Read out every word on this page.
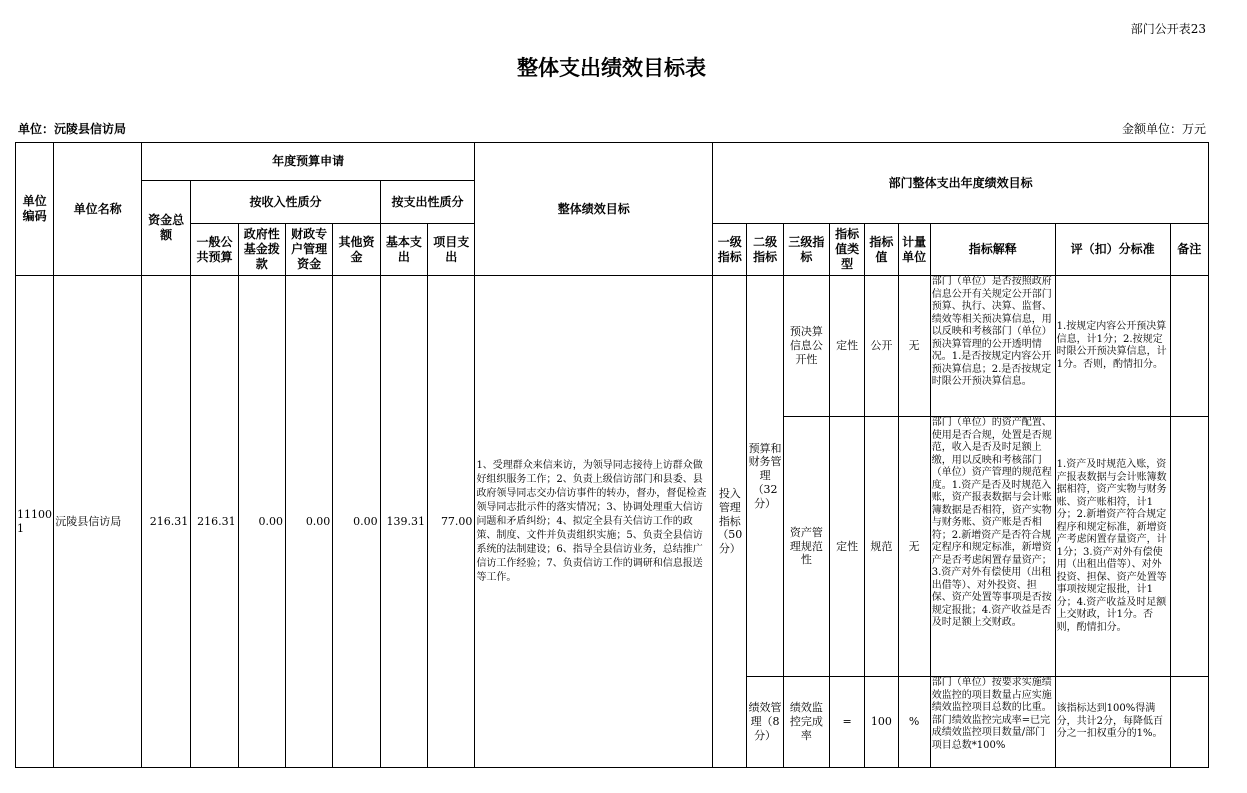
部门公开表23
整体支出绩效目标表
单位：沅陵县信访局	金额单位：万元
单位编码	单位名称	年度预算申请							整体绩效目标	部门整体支出年度绩效目标								
		资金总额	按收入性质分				按支出性质分											
			一般公共预算	政府性基金拨款	财政专户管理资金	其他资金	基本支出	项目支出		一级指标	二级指标	三级指标	指标值类型	指标值	计量单位	指标解释	评（扣）分标准	备注
111001	沅陵县信访局	216.31	216.31	0.00	0.00	0.00	139.31	77.00	1、受理群众来信来访，为领导同志接待上访群众做好组织服务工作；2、负责上级信访部门和县委、县政府领导同志交办信访事件的转办，督办，督促检查领导同志批示件的落实情况；3、协调处理重大信访问题和矛盾纠纷；4、拟定全县有关信访工作的政策、制度、文件并负责组织实施；5、负责全县信访系统的法制建设；6、指导全县信访业务，总结推广信访工作经验；7、负责信访工作的调研和信息报送等工作。	投入管理指标（50分）	预算和财务管理（32分）	预决算信息公开性	定性	公开	无	部门（单位）是否按照政府信息公开有关规定公开部门预算、执行、决算、监督、绩效等相关预决算信息，用以反映和考核部门（单位）预决算管理的公开透明情况。1.是否按规定内容公开预决算信息；2.是否按规定时限公开预决算信息。	1.按规定内容公开预决算信息，计1分；2.按规定时限公开预决算信息，计1分。否则，酌情扣分。	
												资产管理规范性	定性	规范	无	部门（单位）的资产配置、使用是否合规，处置是否规范，收入是否及时足额上缴，用以反映和考核部门（单位）资产管理的规范程度。1.资产是否及时规范入账，资产报表数据与会计账簿数据是否相符，资产实物与财务账、资产账是否相符；2.新增资产是否符合规定程序和规定标准，新增资产是否考虑闲置存量资产；3.资产对外有偿使用（出租出借等）、对外投资、担保、资产处置等事项是否按规定报批；4.资产收益是否及时足额上交财政。	1.资产及时规范入账，资产报表数据与会计账簿数据相符，资产实物与财务账、资产账相符，计1分；2.新增资产符合规定程序和规定标准，新增资产考虑闲置存量资产，计1分；3.资产对外有偿使用（出租出借等）、对外投资、担保、资产处置等事项按规定报批，计1分；4.资产收益及时足额上交财政，计1分。否则，酌情扣分。	
											绩效管理（8分）	绩效监控完成率	=	100	%	部门（单位）按要求实施绩效监控的项目数量占应实施绩效监控项目总数的比重。部门绩效监控完成率=已完成绩效监控项目数量/部门项目总数*100%	该指标达到100%得满分，共计2分，每降低百分之一扣权重分的1%。	
